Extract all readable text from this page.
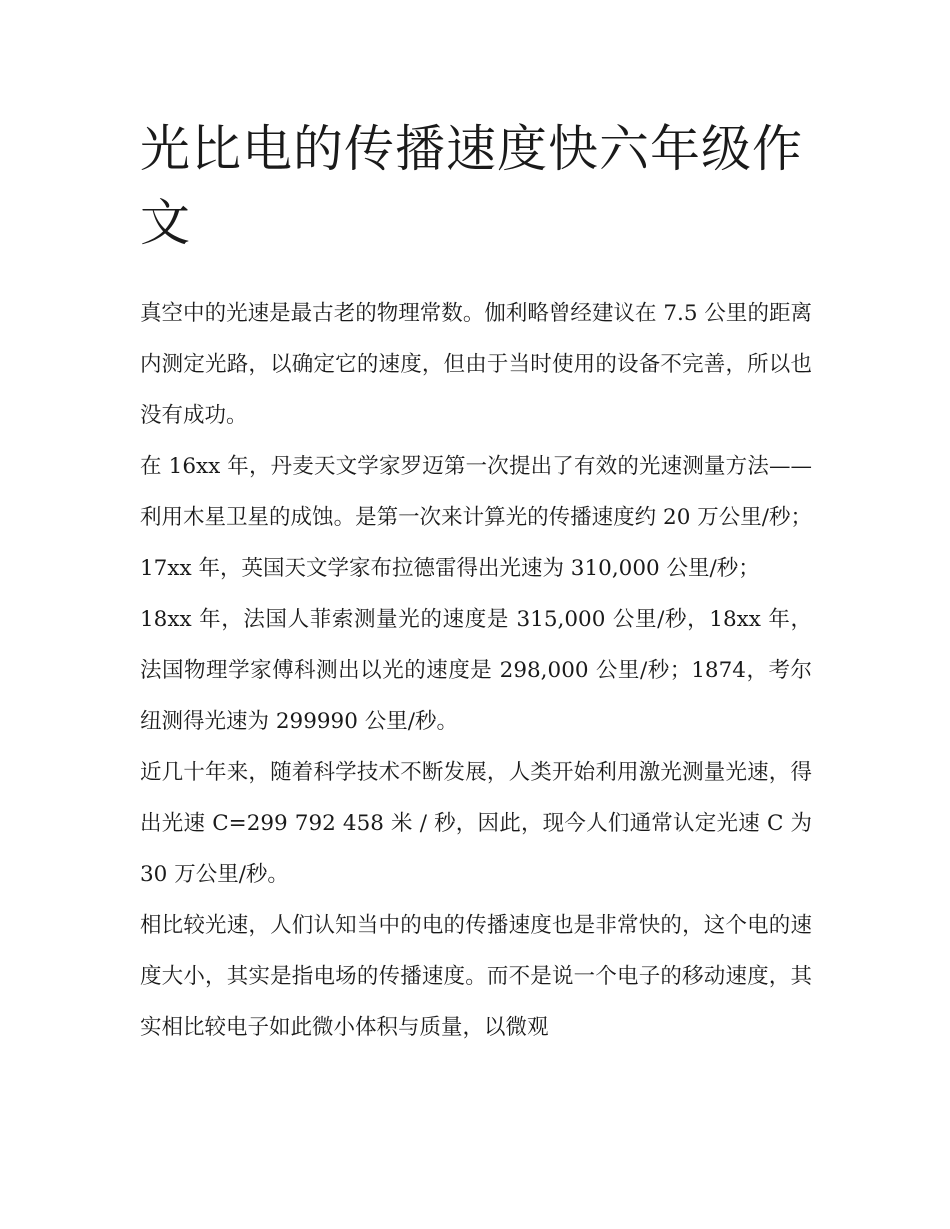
光比电的传播速度快六年级作文

真空中的光速是最古老的物理常数。伽利略曾经建议在 7.5 公里的距离内测定光路，以确定它的速度，但由于当时使用的设备不完善，所以也没有成功。

在 16xx 年，丹麦天文学家罗迈第一次提出了有效的光速测量方法——利用木星卫星的成蚀。是第一次来计算光的传播速度约 20 万公里/秒；17xx 年，英国天文学家布拉德雷得出光速为 310,000 公里/秒；

18xx 年，法国人菲索测量光的速度是 315,000 公里/秒，18xx 年，法国物理学家傅科测出以光的速度是 298,000 公里/秒；1874，考尔纽测得光速为 299990 公里/秒。

近几十年来，随着科学技术不断发展，人类开始利用激光测量光速，得出光速 C=299 792 458 米 / 秒，因此，现今人们通常认定光速 C 为 30 万公里/秒。

相比较光速，人们认知当中的电的传播速度也是非常快的，这个电的速度大小，其实是指电场的传播速度。而不是说一个电子的移动速度，其实相比较电子如此微小体积与质量，以微观
